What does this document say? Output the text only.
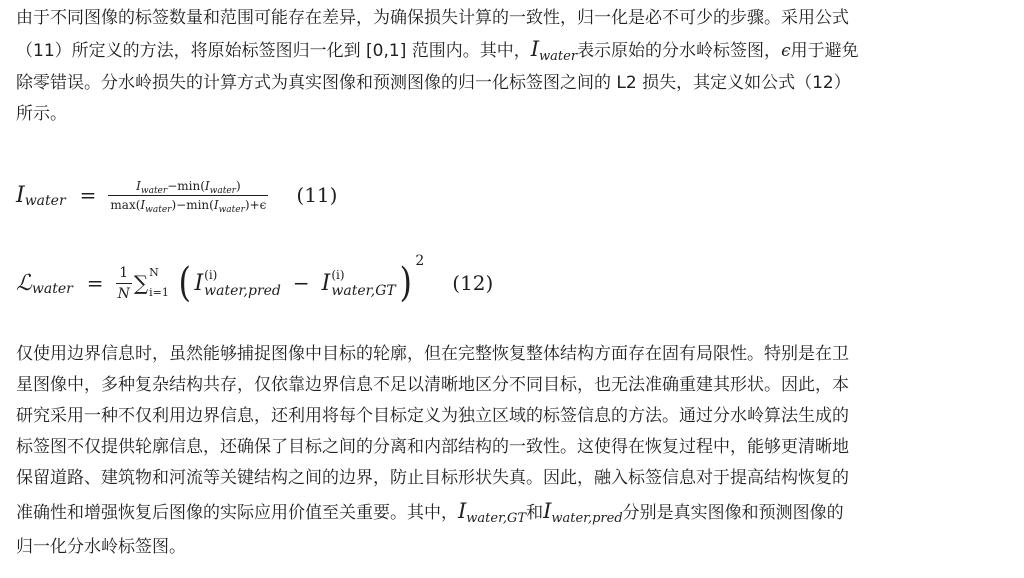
由于不同图像的标签数量和范围可能存在差异，为确保损失计算的一致性，归一化是必不可少的步骤。采用公式
（11）所定义的方法，将原始标签图归一化到 [0,1] 范围内。其中，$I_{water}$表示原始的分水岭标签图，ϵ用于避免
除零错误。分水岭损失的计算方式为真实图像和预测图像的归一化标签图之间的 L2 损失，其定义如公式（12）
所示。
I water = $\frac{I_{water}-\min(I_{water})}{\max(I_{water})-\min(I_{water})+\epsilon} (11)$
ℒ water = $\frac{1}{N}$ ∑ N
i=1 ( I (i)
water,pred − I (i)
water,GT ) 2
(12)
仅使用边界信息时，虽然能够捕捉图像中目标的轮廓，但在完整恢复整体结构方面存在固有局限性。特别是在卫
星图像中，多种复杂结构共存，仅依靠边界信息不足以清晰地区分不同目标，也无法准确重建其形状。因此，本
研究采用一种不仅利用边界信息，还利用将每个目标定义为独立区域的标签信息的方法。通过分水岭算法生成的
标签图不仅提供轮廓信息，还确保了目标之间的分离和内部结构的一致性。这使得在恢复过程中，能够更清晰地
保留道路、建筑物和河流等关键结构之间的边界，防止目标形状失真。因此，融入标签信息对于提高结构恢复的
准确性和增强恢复后图像的实际应用价值至关重要。其中，$I_{water,GT}$和$I_{water,pred}$分别是真实图像和预测图像的
归一化分水岭标签图。
